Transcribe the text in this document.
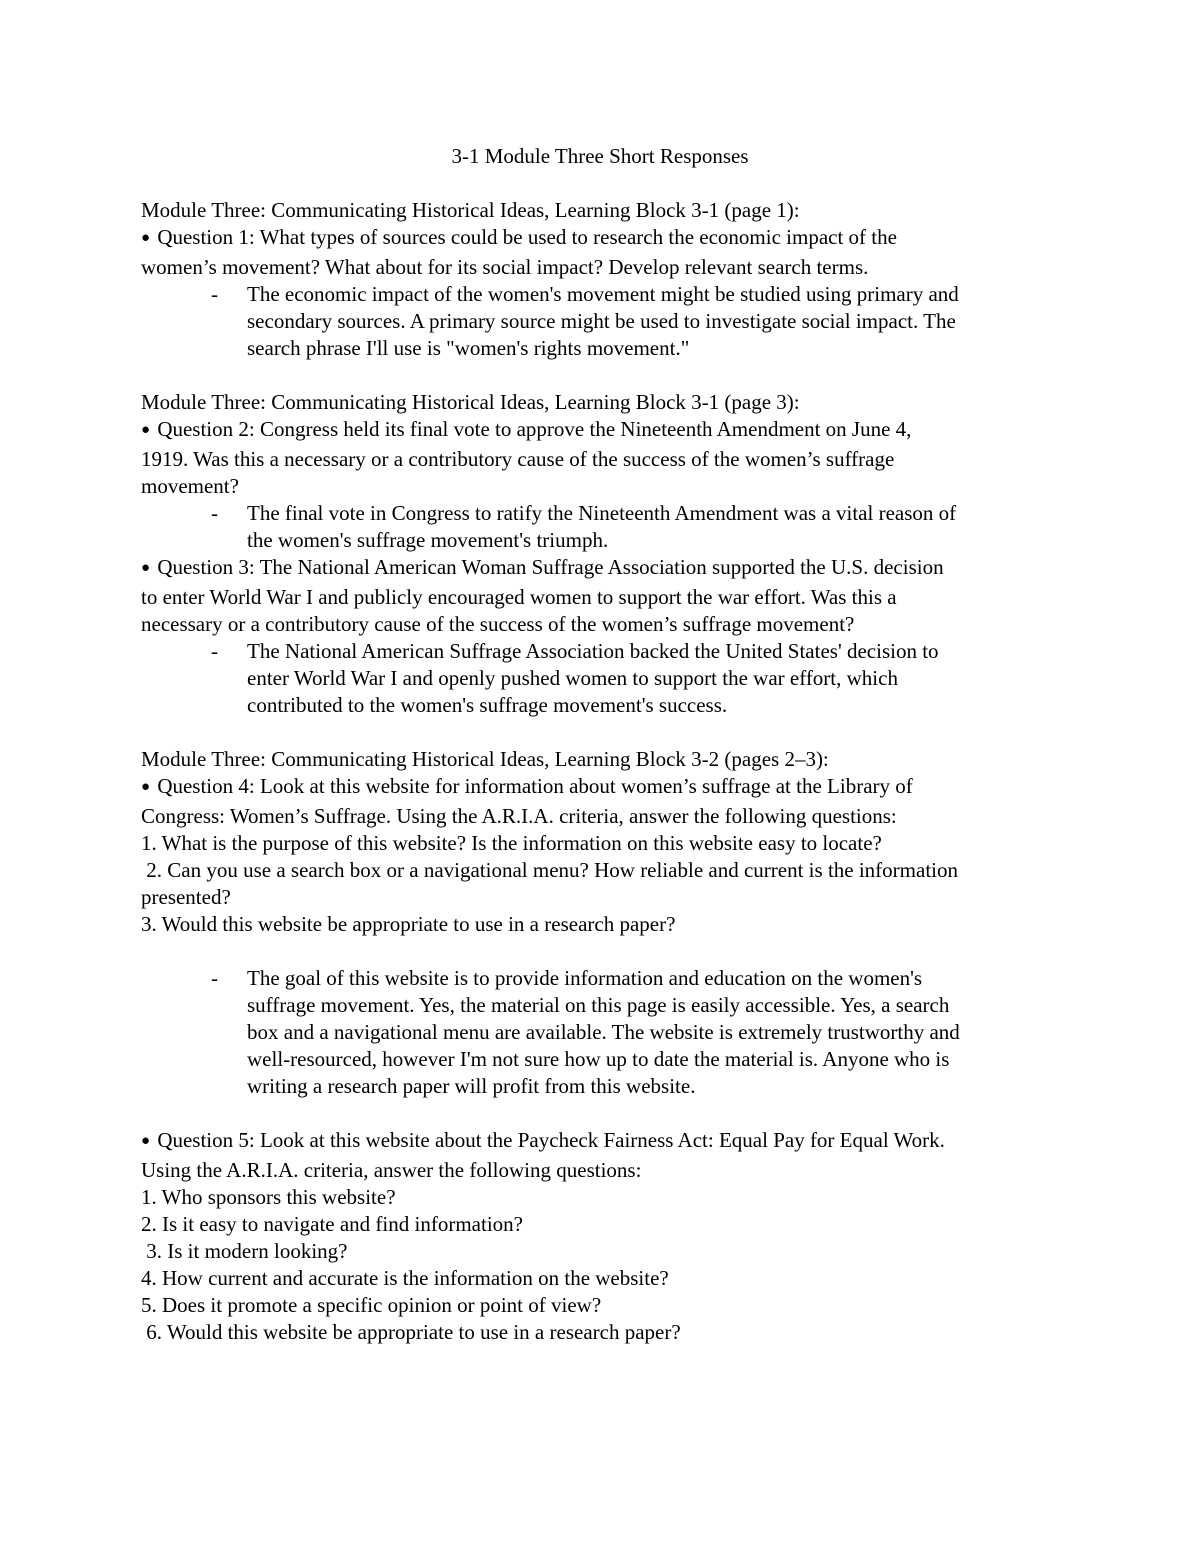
3-1 Module Three Short Responses

Module Three: Communicating Historical Ideas, Learning Block 3-1 (page 1):

● Question 1: What types of sources could be used to research the economic impact of the

women’s movement? What about for its social impact? Develop relevant search terms.

- The economic impact of the women's movement might be studied using primary and

secondary sources. A primary source might be used to investigate social impact. The

search phrase I'll use is "women's rights movement."

Module Three: Communicating Historical Ideas, Learning Block 3-1 (page 3):

● Question 2: Congress held its final vote to approve the Nineteenth Amendment on June 4,

1919. Was this a necessary or a contributory cause of the success of the women’s suffrage

movement?

- The final vote in Congress to ratify the Nineteenth Amendment was a vital reason of

the women's suffrage movement's triumph.

● Question 3: The National American Woman Suffrage Association supported the U.S. decision

to enter World War I and publicly encouraged women to support the war effort. Was this a

necessary or a contributory cause of the success of the women’s suffrage movement?

- The National American Suffrage Association backed the United States' decision to

enter World War I and openly pushed women to support the war effort, which

contributed to the women's suffrage movement's success.

Module Three: Communicating Historical Ideas, Learning Block 3-2 (pages 2–3):

● Question 4: Look at this website for information about women’s suffrage at the Library of

Congress: Women’s Suffrage. Using the A.R.I.A. criteria, answer the following questions:

1. What is the purpose of this website? Is the information on this website easy to locate?

2. Can you use a search box or a navigational menu? How reliable and current is the information

presented?

3. Would this website be appropriate to use in a research paper?

- The goal of this website is to provide information and education on the women's

suffrage movement. Yes, the material on this page is easily accessible. Yes, a search

box and a navigational menu are available. The website is extremely trustworthy and

well-resourced, however I'm not sure how up to date the material is. Anyone who is

writing a research paper will profit from this website.

● Question 5: Look at this website about the Paycheck Fairness Act: Equal Pay for Equal Work.

Using the A.R.I.A. criteria, answer the following questions:

1. Who sponsors this website?

2. Is it easy to navigate and find information?

3. Is it modern looking?

4. How current and accurate is the information on the website?

5. Does it promote a specific opinion or point of view?

6. Would this website be appropriate to use in a research paper?
